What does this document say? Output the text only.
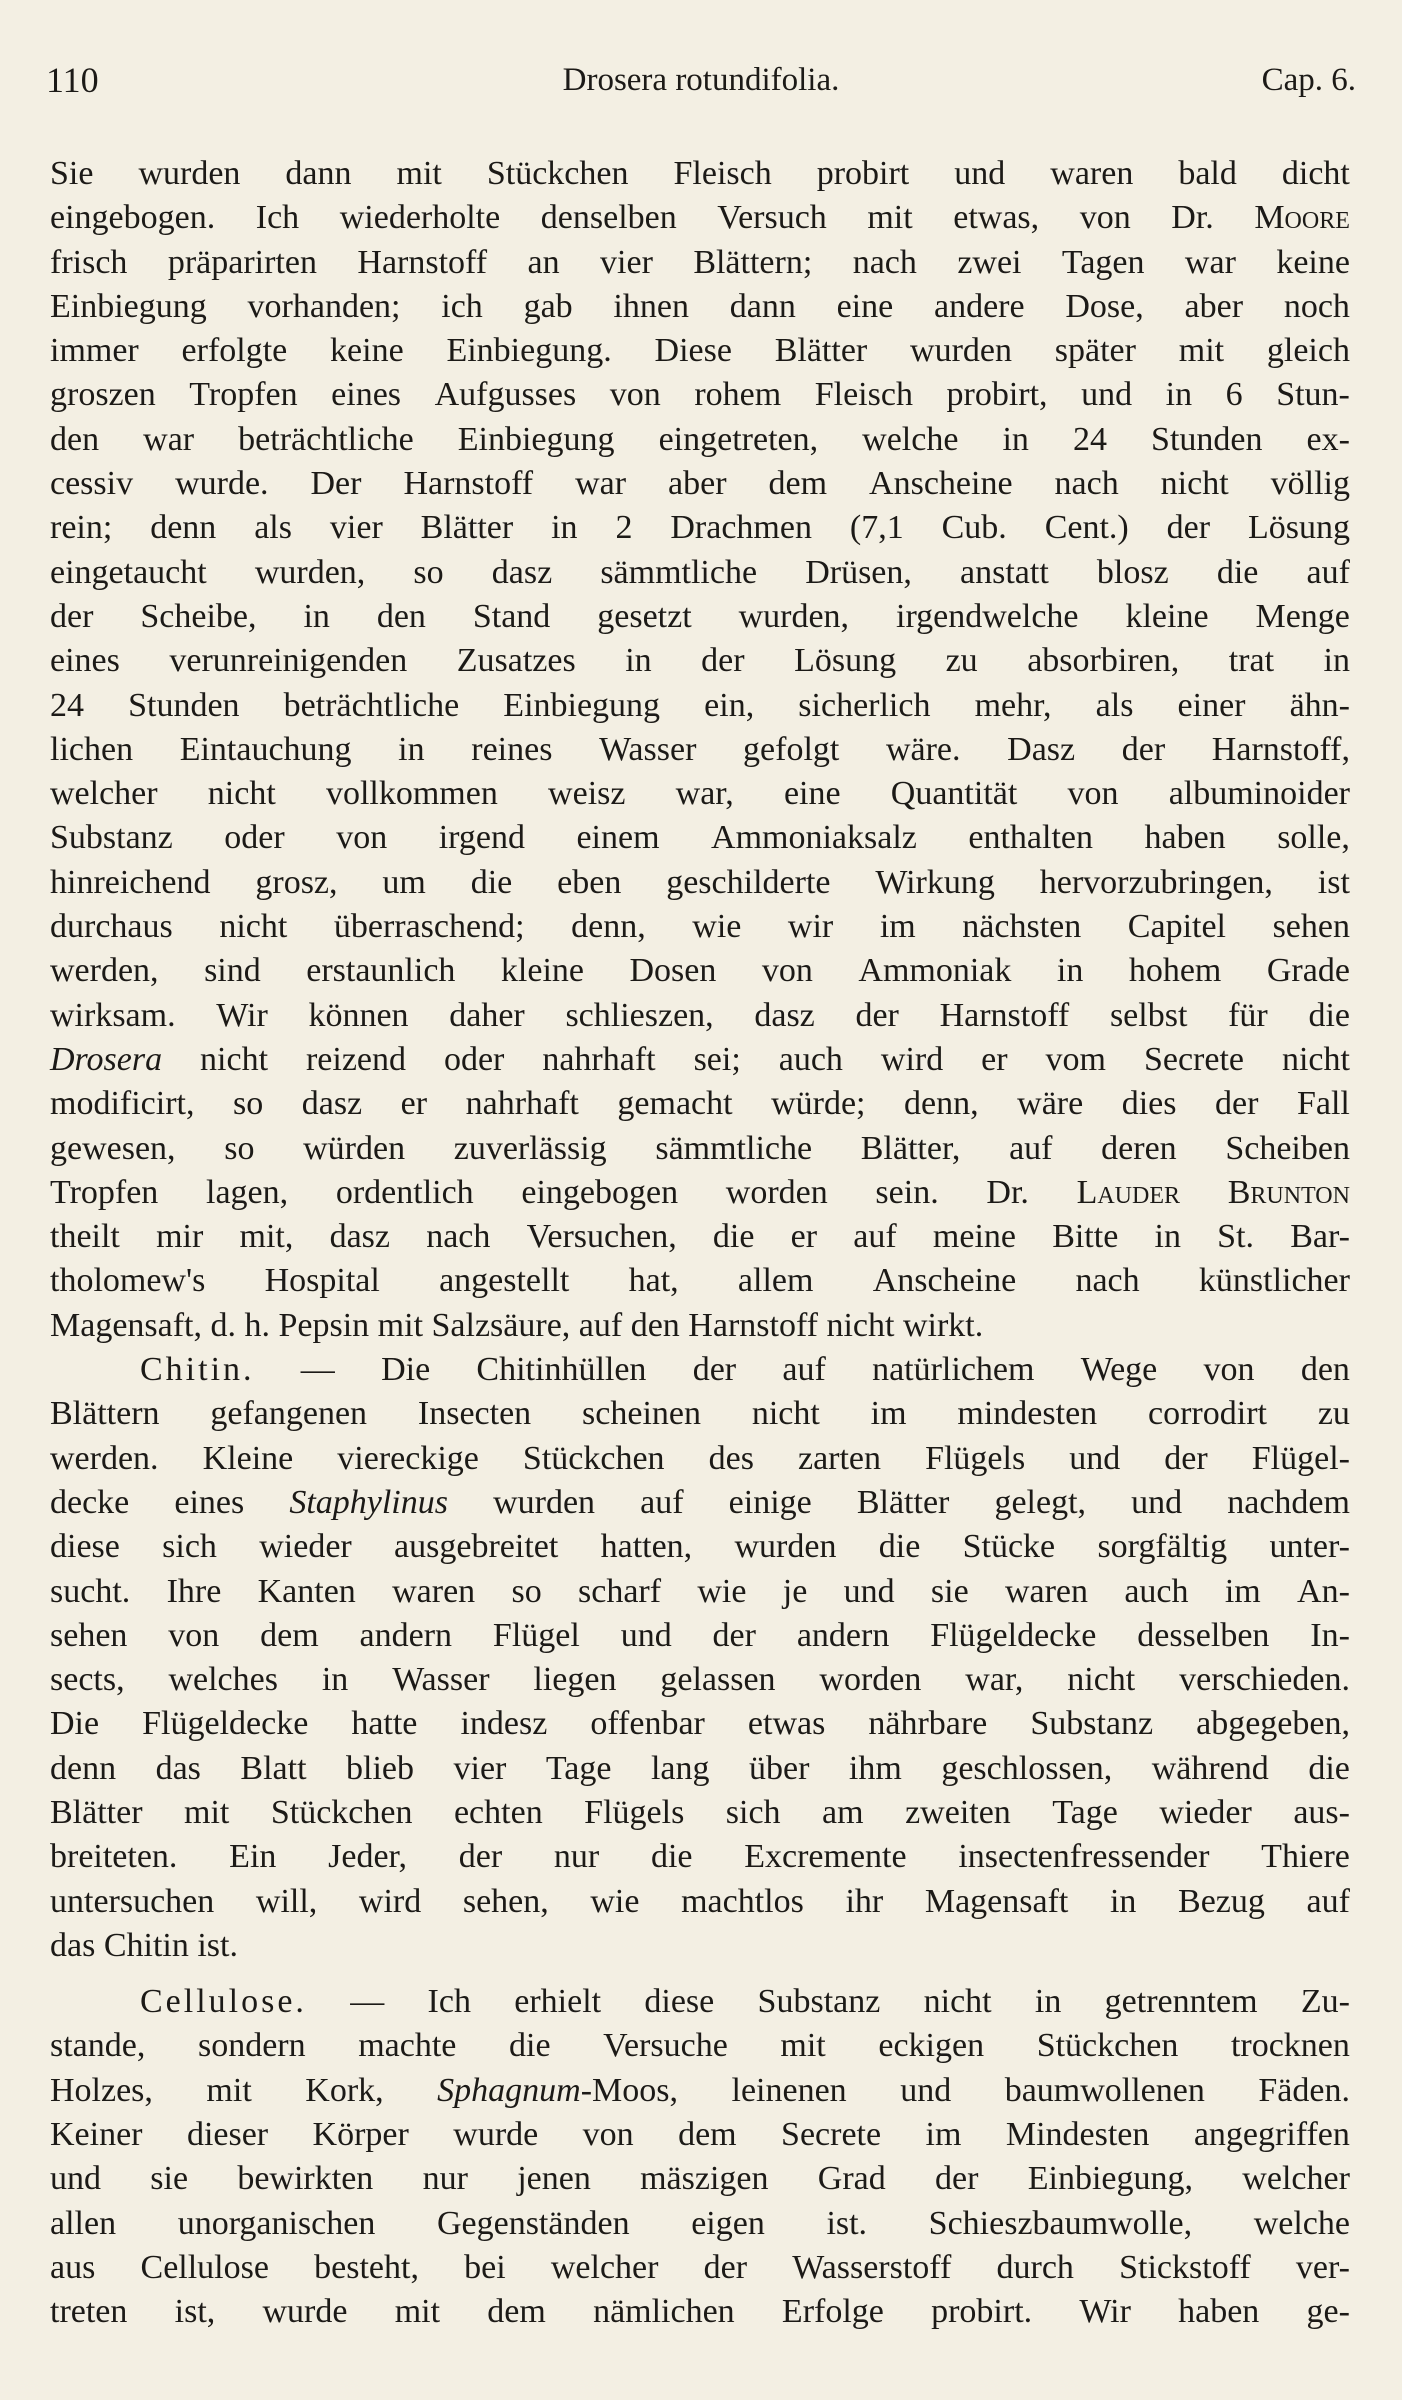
110	Drosera rotundifolia.	Cap. 6.
Sie wurden dann mit Stückchen Fleisch probirt und waren bald dicht
eingebogen. Ich wiederholte denselben Versuch mit etwas, von Dr. Moore
frisch präparirten Harnstoff an vier Blättern; nach zwei Tagen war keine
Einbiegung vorhanden; ich gab ihnen dann eine andere Dose, aber noch
immer erfolgte keine Einbiegung. Diese Blätter wurden später mit gleich
groszen Tropfen eines Aufgusses von rohem Fleisch probirt, und in 6 Stun-
den war beträchtliche Einbiegung eingetreten, welche in 24 Stunden ex-
cessiv wurde. Der Harnstoff war aber dem Anscheine nach nicht völlig
rein; denn als vier Blätter in 2 Drachmen (7,1 Cub. Cent.) der Lösung
eingetaucht wurden, so dasz sämmtliche Drüsen, anstatt blosz die auf
der Scheibe, in den Stand gesetzt wurden, irgendwelche kleine Menge
eines verunreinigenden Zusatzes in der Lösung zu absorbiren, trat in
24 Stunden beträchtliche Einbiegung ein, sicherlich mehr, als einer ähn-
lichen Eintauchung in reines Wasser gefolgt wäre. Dasz der Harnstoff,
welcher nicht vollkommen weisz war, eine Quantität von albuminoider
Substanz oder von irgend einem Ammoniaksalz enthalten haben solle,
hinreichend grosz, um die eben geschilderte Wirkung hervorzubringen, ist
durchaus nicht überraschend; denn, wie wir im nächsten Capitel sehen
werden, sind erstaunlich kleine Dosen von Ammoniak in hohem Grade
wirksam. Wir können daher schlieszen, dasz der Harnstoff selbst für die
Drosera nicht reizend oder nahrhaft sei; auch wird er vom Secrete nicht
modificirt, so dasz er nahrhaft gemacht würde; denn, wäre dies der Fall
gewesen, so würden zuverlässig sämmtliche Blätter, auf deren Scheiben
Tropfen lagen, ordentlich eingebogen worden sein. Dr. Lauder Brunton
theilt mir mit, dasz nach Versuchen, die er auf meine Bitte in St. Bar-
tholomew's Hospital angestellt hat, allem Anscheine nach künstlicher
Magensaft, d. h. Pepsin mit Salzsäure, auf den Harnstoff nicht wirkt.
Chitin. — Die Chitinhüllen der auf natürlichem Wege von den
Blättern gefangenen Insecten scheinen nicht im mindesten corrodirt zu
werden. Kleine viereckige Stückchen des zarten Flügels und der Flügel-
decke eines Staphylinus wurden auf einige Blätter gelegt, und nachdem
diese sich wieder ausgebreitet hatten, wurden die Stücke sorgfältig unter-
sucht. Ihre Kanten waren so scharf wie je und sie waren auch im An-
sehen von dem andern Flügel und der andern Flügeldecke desselben In-
sects, welches in Wasser liegen gelassen worden war, nicht verschieden.
Die Flügeldecke hatte indesz offenbar etwas nährbare Substanz abgegeben,
denn das Blatt blieb vier Tage lang über ihm geschlossen, während die
Blätter mit Stückchen echten Flügels sich am zweiten Tage wieder aus-
breiteten. Ein Jeder, der nur die Excremente insectenfressender Thiere
untersuchen will, wird sehen, wie machtlos ihr Magensaft in Bezug auf
das Chitin ist.
Cellulose. — Ich erhielt diese Substanz nicht in getrenntem Zu-
stande, sondern machte die Versuche mit eckigen Stückchen trocknen
Holzes, mit Kork, Sphagnum-Moos, leinenen und baumwollenen Fäden.
Keiner dieser Körper wurde von dem Secrete im Mindesten angegriffen
und sie bewirkten nur jenen mäszigen Grad der Einbiegung, welcher
allen unorganischen Gegenständen eigen ist. Schieszbaumwolle, welche
aus Cellulose besteht, bei welcher der Wasserstoff durch Stickstoff ver-
treten ist, wurde mit dem nämlichen Erfolge probirt. Wir haben ge-
